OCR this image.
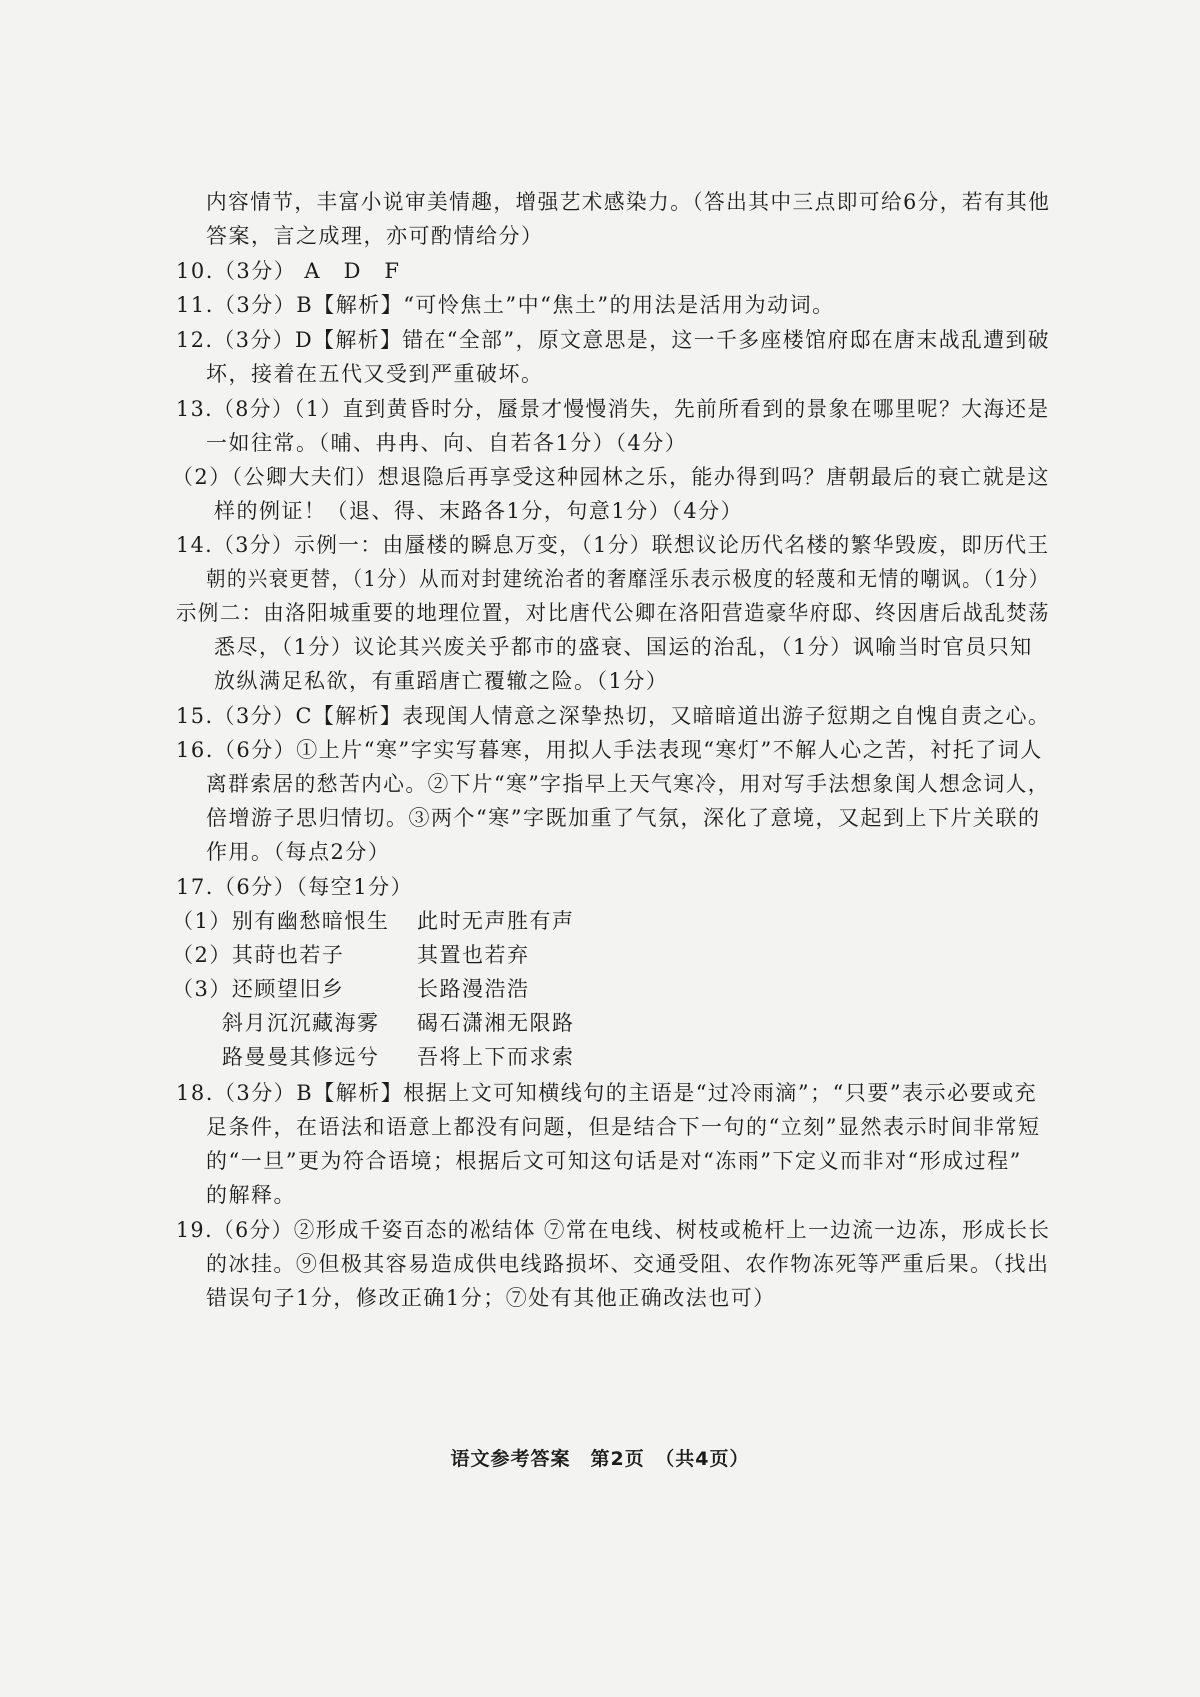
内容情节，丰富小说审美情趣，增强艺术感染力。（答出其中三点即可给6分，若有其他
答案，言之成理，亦可酌情给分）
10.（3分） A　D　F
11.（3分）B【解析】“可怜焦土”中“焦土”的用法是活用为动词。
12.（3分）D【解析】错在“全部”，原文意思是，这一千多座楼馆府邸在唐末战乱遭到破
坏，接着在五代又受到严重破坏。
13.（8分）（1）直到黄昏时分，蜃景才慢慢消失，先前所看到的景象在哪里呢？大海还是
一如往常。（晡、冉冉、向、自若各1分）（4分）
（2）（公卿大夫们）想退隐后再享受这种园林之乐，能办得到吗？唐朝最后的衰亡就是这
样的例证！（退、得、末路各1分，句意1分）（4分）
14.（3分）示例一：由蜃楼的瞬息万变，（1分）联想议论历代名楼的繁华毁废，即历代王
朝的兴衰更替，（1分）从而对封建统治者的奢靡淫乐表示极度的轻蔑和无情的嘲讽。（1分）
示例二：由洛阳城重要的地理位置，对比唐代公卿在洛阳营造豪华府邸、终因唐后战乱焚荡
悉尽，（1分）议论其兴废关乎都市的盛衰、国运的治乱，（1分）讽喻当时官员只知
放纵满足私欲，有重蹈唐亡覆辙之险。（1分）
15.（3分）C【解析】表现闺人情意之深挚热切，又暗暗道出游子愆期之自愧自责之心。
16.（6分）①上片“寒”字实写暮寒，用拟人手法表现“寒灯”不解人心之苦，衬托了词人
离群索居的愁苦内心。②下片“寒”字指早上天气寒冷，用对写手法想象闺人想念词人，
倍增游子思归情切。③两个“寒”字既加重了气氛，深化了意境，又起到上下片关联的
作用。（每点2分）
17.（6分）（每空1分）
（1）别有幽愁暗恨生 此时无声胜有声
（2）其莳也若子	其置也若弃
（3）还顾望旧乡	长路漫浩浩
斜月沉沉藏海雾 碣石潇湘无限路
路曼曼其修远兮 吾将上下而求索
18.（3分）B【解析】根据上文可知横线句的主语是“过冷雨滴”；“只要”表示必要或充
足条件，在语法和语意上都没有问题，但是结合下一句的“立刻”显然表示时间非常短
的“一旦”更为符合语境；根据后文可知这句话是对“冻雨”下定义而非对“形成过程”
的解释。
19.（6分）②形成千姿百态的凇结体 ⑦常在电线、树枝或桅杆上一边流一边冻，形成长长
的冰挂。⑨但极其容易造成供电线路损坏、交通受阻、农作物冻死等严重后果。（找出
错误句子1分，修改正确1分；⑦处有其他正确改法也可）
语文参考答案　第2页　（共4页）
